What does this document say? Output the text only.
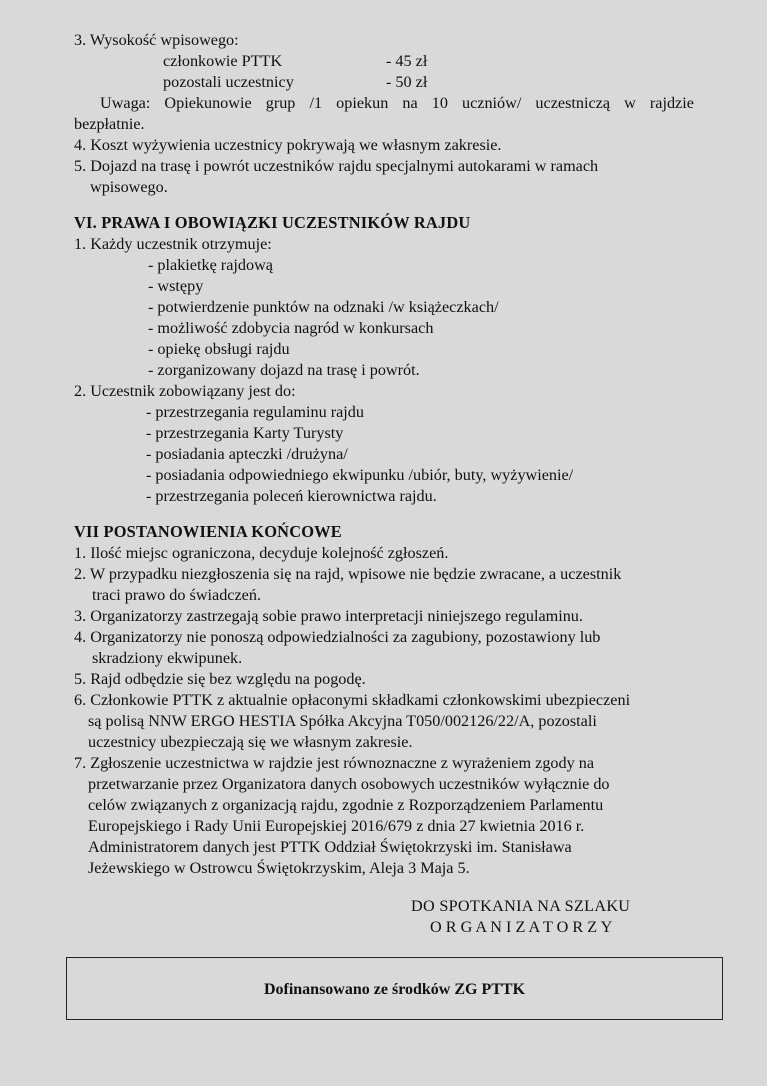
3. Wysokość wpisowego:
członkowie PTTK	- 45 zł
pozostali uczestnicy	- 50 zł
Uwaga: Opiekunowie grup /1 opiekun na 10 uczniów/ uczestniczą w rajdzie
bezpłatnie.
4. Koszt wyżywienia uczestnicy pokrywają we własnym zakresie.
5. Dojazd na trasę i powrót uczestników rajdu specjalnymi autokarami w ramach
wpisowego.
VI. PRAWA I OBOWIĄZKI UCZESTNIKÓW RAJDU
1. Każdy uczestnik otrzymuje:
- plakietkę rajdową
- wstępy
- potwierdzenie punktów na odznaki /w książeczkach/
- możliwość zdobycia nagród w konkursach
- opiekę obsługi rajdu
- zorganizowany dojazd na trasę i powrót.
2. Uczestnik zobowiązany jest do:
- przestrzegania regulaminu rajdu
- przestrzegania Karty Turysty
- posiadania apteczki /drużyna/
- posiadania odpowiedniego ekwipunku /ubiór, buty, wyżywienie/
- przestrzegania poleceń kierownictwa rajdu.
VII POSTANOWIENIA KOŃCOWE
1. Ilość miejsc ograniczona, decyduje kolejność zgłoszeń.
2. W przypadku niezgłoszenia się na rajd, wpisowe nie będzie zwracane, a uczestnik
traci prawo do świadczeń.
3. Organizatorzy zastrzegają sobie prawo interpretacji niniejszego regulaminu.
4. Organizatorzy nie ponoszą odpowiedzialności za zagubiony, pozostawiony lub
skradziony ekwipunek.
5. Rajd odbędzie się bez względu na pogodę.
6. Członkowie PTTK z aktualnie opłaconymi składkami członkowskimi ubezpieczeni
są polisą NNW ERGO HESTIA Spółka Akcyjna T050/002126/22/A, pozostali
uczestnicy ubezpieczają się we własnym zakresie.
7. Zgłoszenie uczestnictwa w rajdzie jest równoznaczne z wyrażeniem zgody na
przetwarzanie przez Organizatora danych osobowych uczestników wyłącznie do
celów związanych z organizacją rajdu, zgodnie z Rozporządzeniem Parlamentu
Europejskiego i Rady Unii Europejskiej 2016/679 z dnia 27 kwietnia 2016 r.
Administratorem danych jest PTTK Oddział Świętokrzyski im. Stanisława
Jeżewskiego w Ostrowcu Świętokrzyskim, Aleja 3 Maja 5.
DO SPOTKANIA NA SZLAKU
O R G A N I Z A T O R Z Y
Dofinansowano ze środków ZG PTTK
